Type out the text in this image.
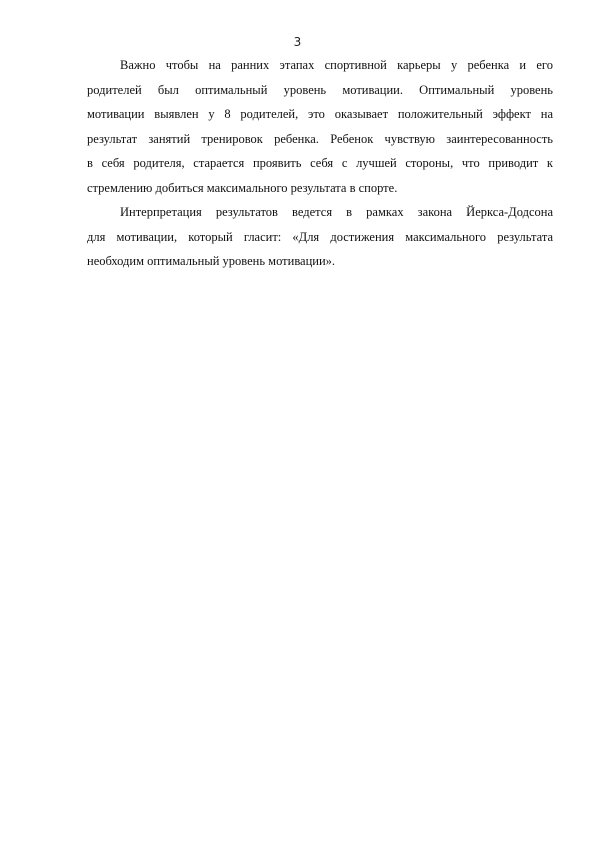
3
Важно чтобы на ранних этапах спортивной карьеры у ребенка и его
родителей был оптимальный уровень мотивации. Оптимальный уровень
мотивации выявлен у 8 родителей, это оказывает положительный эффект на
результат занятий тренировок ребенка. Ребенок чувствую заинтересованность
в себя родителя, старается проявить себя с лучшей стороны, что приводит к
стремлению добиться максимального результата в спорте.
Интерпретация результатов ведется в рамках закона Йеркса-Додсона
для мотивации, который гласит: «Для достижения максимального результата
необходим оптимальный уровень мотивации».
